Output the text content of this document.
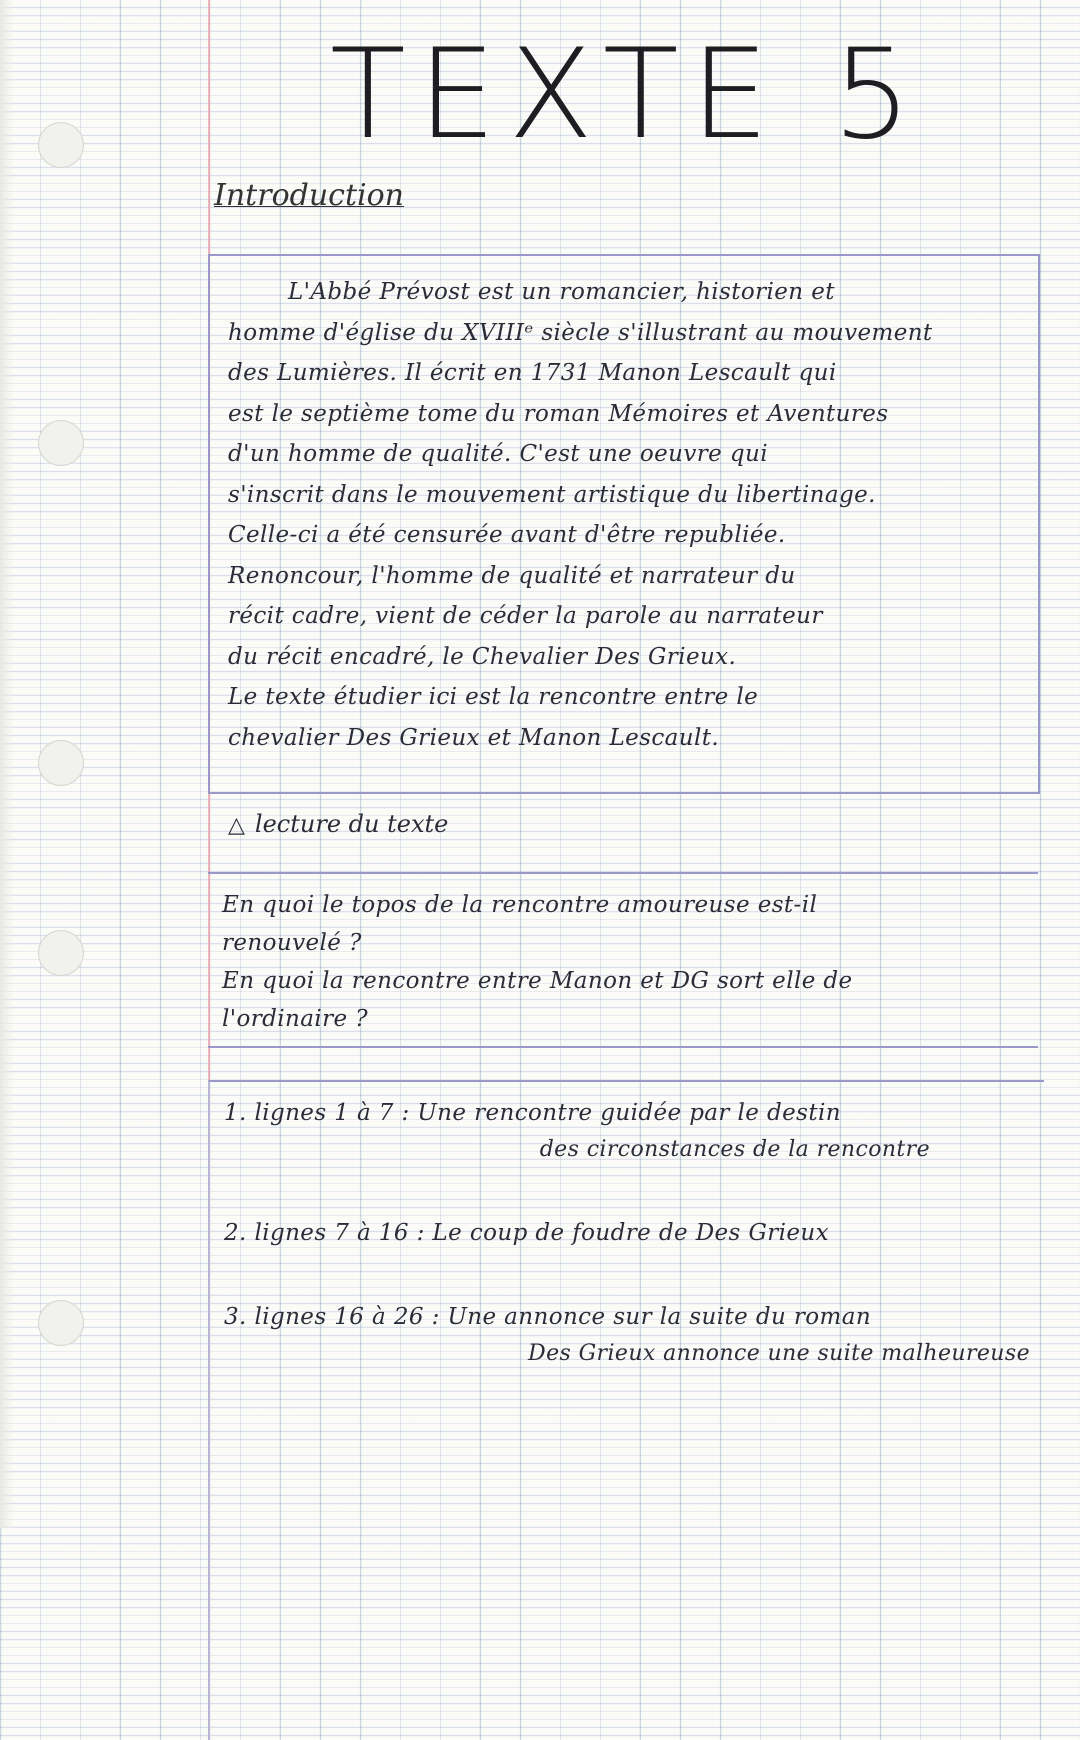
TEXTE 5
Introduction

L'Abbé Prévost est un romancier, historien et

homme d'église du XVIIIᵉ siècle s'illustrant au mouvement

des Lumières. Il écrit en 1731 Manon Lescault qui

est le septième tome du roman Mémoires et Aventures

d'un homme de qualité. C'est une oeuvre qui

s'inscrit dans le mouvement artistique du libertinage.

Celle-ci a été censurée avant d'être republiée.

Renoncour, l'homme de qualité et narrateur du

récit cadre, vient de céder la parole au narrateur

du récit encadré, le Chevalier Des Grieux.

Le texte étudier ici est la rencontre entre le

chevalier Des Grieux et Manon Lescault.

△ lecture du texte

En quoi le topos de la rencontre amoureuse est-il

renouvelé ?

En quoi la rencontre entre Manon et DG sort elle de

l'ordinaire ?

1. lignes 1 à 7 : Une rencontre guidée par le destin

des circonstances de la rencontre

2. lignes 7 à 16 : Le coup de foudre de Des Grieux

3. lignes 16 à 26 : Une annonce sur la suite du roman

Des Grieux annonce une suite malheureuse
